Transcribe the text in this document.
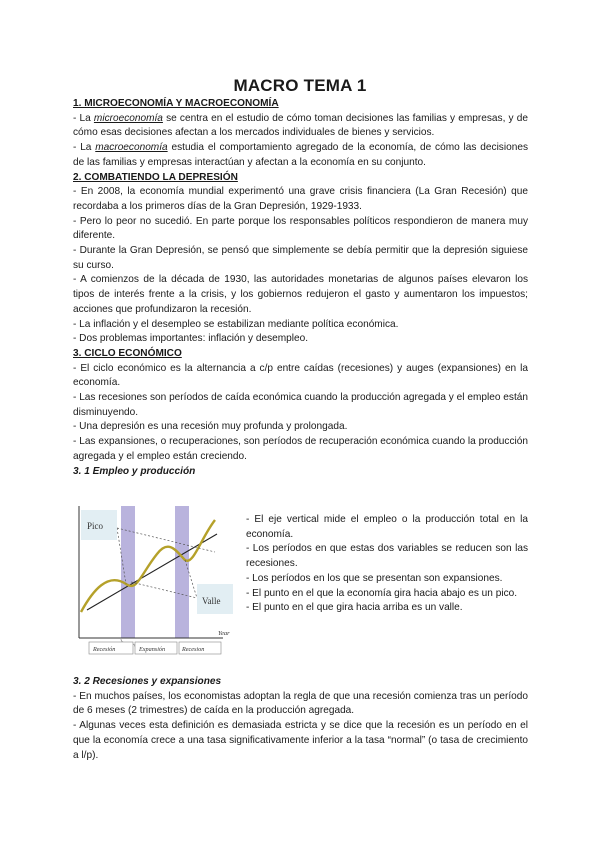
MACRO TEMA 1
1. MICROECONOMÍA Y MACROECONOMÍA

- La microeconomía se centra en el estudio de cómo toman decisiones las familias y empresas, y de cómo esas decisiones afectan a los mercados individuales de bienes y servicios.

- La macroeconomía estudia el comportamiento agregado de la economía, de cómo las decisiones de las familias y empresas interactúan y afectan a la economía en su conjunto.

2. COMBATIENDO LA DEPRESIÓN

- En 2008, la economía mundial experimentó una grave crisis financiera (La Gran Recesión) que recordaba a los primeros días de la Gran Depresión, 1929-1933.

- Pero lo peor no sucedió. En parte porque los responsables políticos respondieron de manera muy diferente.

- Durante la Gran Depresión, se pensó que simplemente se debía permitir que la depresión siguiese su curso.

- A comienzos de la década de 1930, las autoridades monetarias de algunos países elevaron los tipos de interés frente a la crisis, y los gobiernos redujeron el gasto y aumentaron los impuestos; acciones que profundizaron la recesión.

- La inflación y el desempleo se estabilizan mediante política económica.

- Dos problemas importantes: inflación y desempleo.

3. CICLO ECONÓMICO

- El ciclo económico es la alternancia a c/p entre caídas (recesiones) y auges (expansiones) en la economía.

- Las recesiones son períodos de caída económica cuando la producción agregada y el empleo están disminuyendo.

- Una depresión es una recesión muy profunda y prolongada.

- Las expansiones, o recuperaciones, son períodos de recuperación económica cuando la producción agregada y el empleo están creciendo.

3. 1 Empleo y producción
Pico
Valle
Year
Recesión	Expansión	Recesion

- El eje vertical mide el empleo o la producción total en la economía.

- Los períodos en que estas dos variables se reducen son las recesiones.

- Los períodos en los que se presentan son expansiones.

- El punto en el que la economía gira hacia abajo es un pico.

- El punto en el que gira hacia arriba es un valle.

3. 2 Recesiones y expansiones

- En muchos países, los economistas adoptan la regla de que una recesión comienza tras un período de 6 meses (2 trimestres) de caída en la producción agregada.

- Algunas veces esta definición es demasiada estricta y se dice que la recesión es un período en el que la economía crece a una tasa significativamente inferior a la tasa “normal” (o tasa de crecimiento a l/p).
